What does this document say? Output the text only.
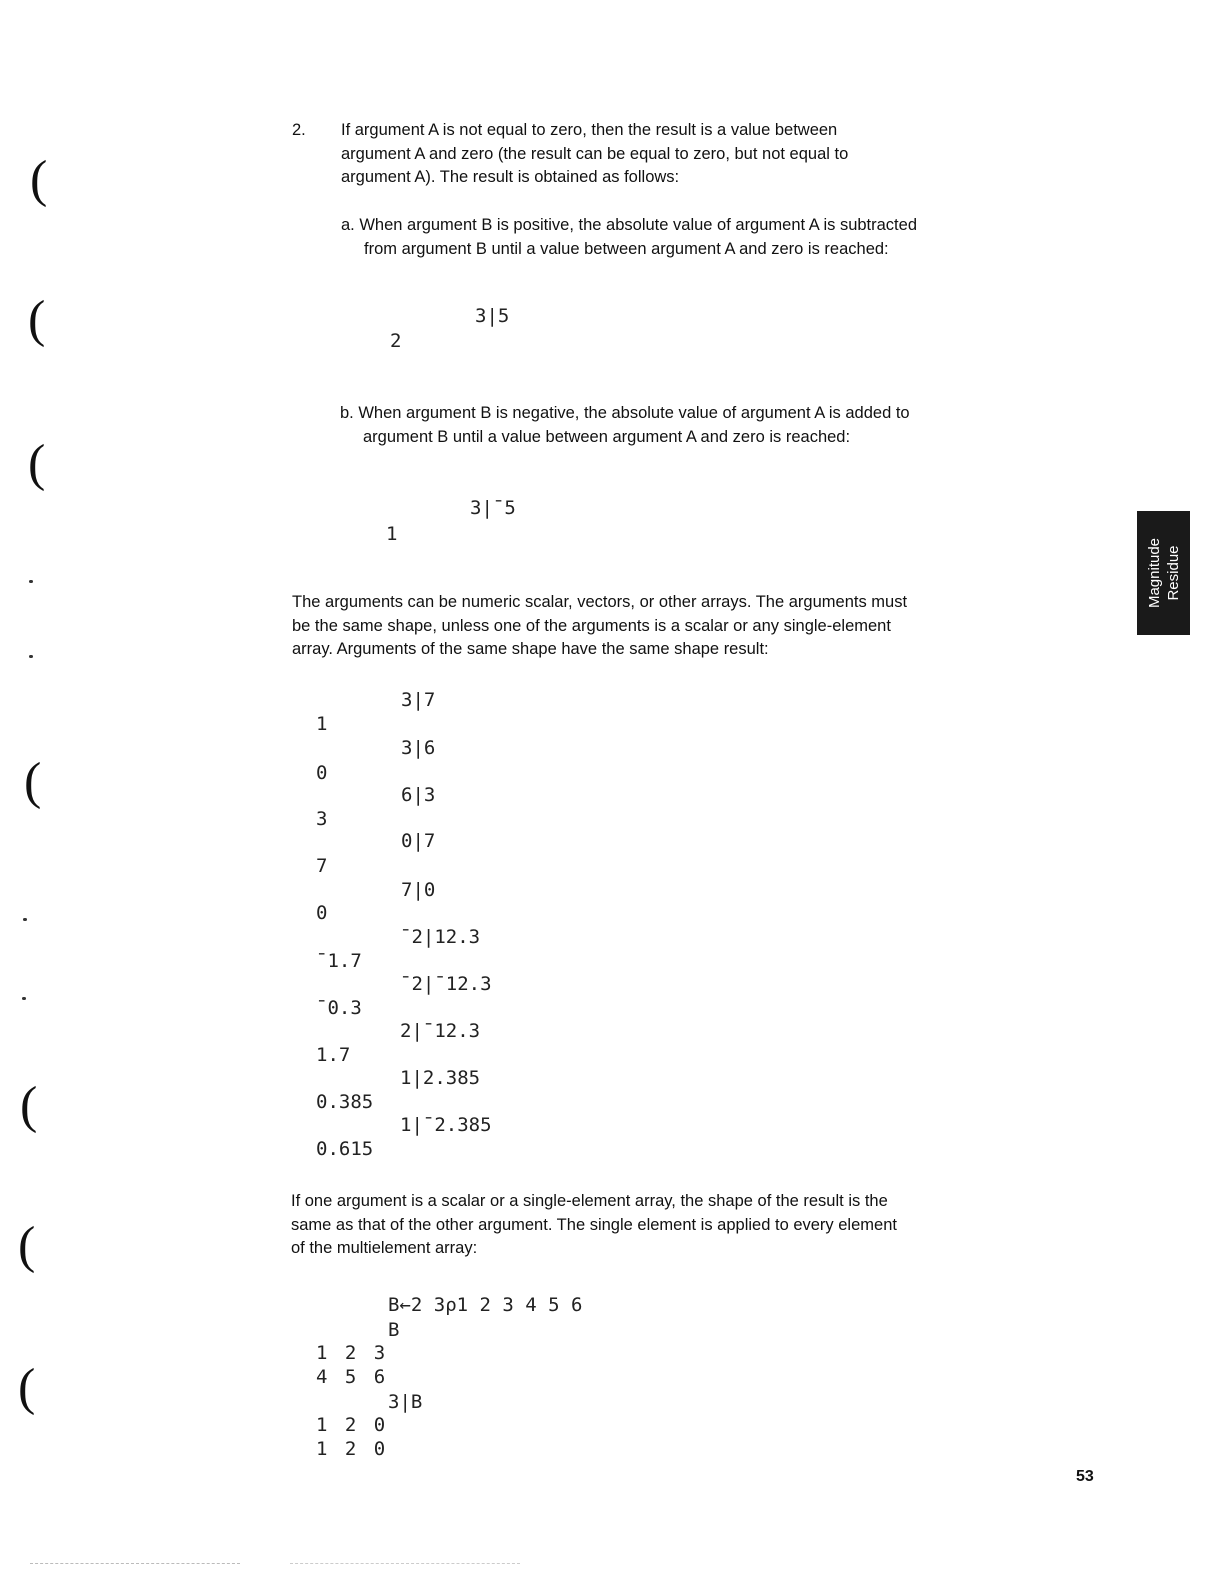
(
(
(
(
(
(
(
2. If argument A is not equal to zero, then the result is a value between
argument A and zero (the result can be equal to zero, but not equal to
argument A). The result is obtained as follows:
a. When argument B is positive, the absolute value of argument A is subtracted
from argument B until a value between argument A and zero is reached:
3|5
2
b. When argument B is negative, the absolute value of argument A is added to
argument B until a value between argument A and zero is reached:
3|¯5
1
The arguments can be numeric scalar, vectors, or other arrays. The arguments must
be the same shape, unless one of the arguments is a scalar or any single-element
array. Arguments of the same shape have the same shape result:
3|7
1
3|6
0
6|3
3
0|7
7
7|0
0
¯2|12.3
¯1.7
¯2|¯12.3
¯0.3
2|¯12.3
1.7
1|2.385
0.385
1|¯2.385
0.615
If one argument is a scalar or a single-element array, the shape of the result is the
same as that of the other argument. The single element is applied to every element
of the multielement array:
B←2 3ρ1 2 3 4 5 6
B
1 2 3
4 5 6
3|B
1 2 0
1 2 0
Magnitude Residue
53
